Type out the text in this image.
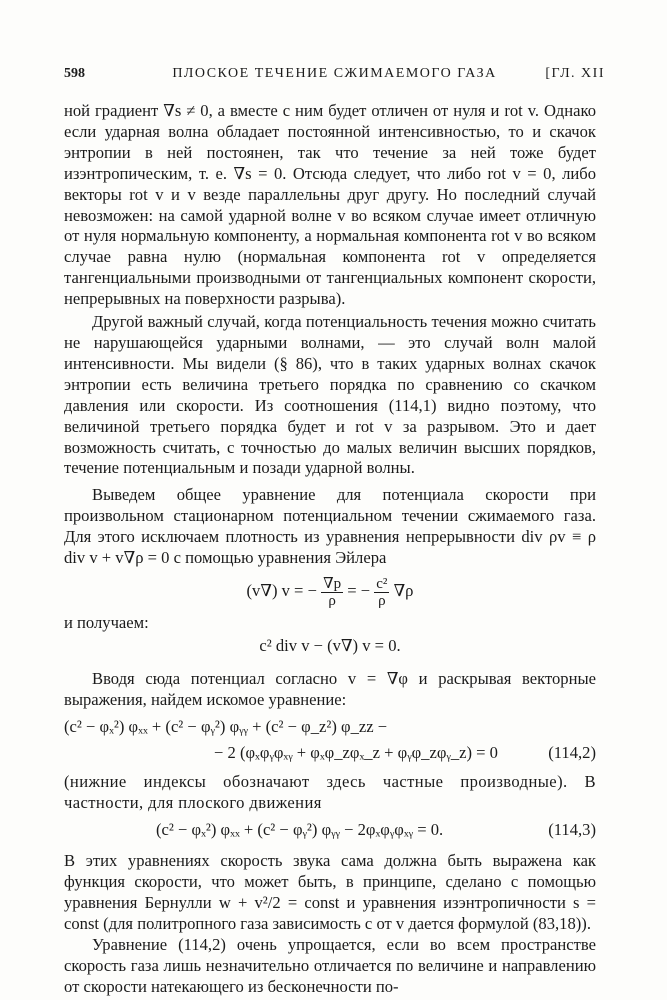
598	ПЛОСКОЕ ТЕЧЕНИЕ СЖИМАЕМОГО ГАЗА	[ГЛ. XII

ной градиент ∇s ≠ 0, а вместе с ним будет отличен от нуля и rot v. Однако если ударная волна обладает постоянной интенсивностью, то и скачок энтропии в ней постоянен, так что течение за ней тоже будет изэнтропическим, т. е. ∇s = 0. Отсюда следует, что либо rot v = 0, либо векторы rot v и v везде параллельны друг другу. Но последний случай невозможен: на самой ударной волне v во всяком случае имеет отличную от нуля нормальную компоненту, а нормальная компонента rot v во всяком случае равна нулю (нормальная компонента rot v определяется тангенциальными производными от тангенциальных компонент скорости, непрерывных на поверхности разрыва).

Другой важный случай, когда потенциальность течения можно считать не нарушающейся ударными волнами, — это случай волн малой интенсивности. Мы видели (§ 86), что в таких ударных волнах скачок энтропии есть величина третьего порядка по сравнению со скачком давления или скорости. Из соотношения (114,1) видно поэтому, что величиной третьего порядка будет и rot v за разрывом. Это и дает возможность считать, с точностью до малых величин высших порядков, течение потенциальным и позади ударной волны.

Выведем общее уравнение для потенциала скорости при произвольном стационарном потенциальном течении сжимаемого газа. Для этого исключаем плотность из уравнения непрерывности div ρv ≡ ρ div v + v∇ρ = 0 с помощью уравнения Эйлера

(v∇) v = − $\frac{\nabla p}{\rho}$ = − $\frac{\text{c²}}{\rho} \nabla\rho$

и получаем:

c² div v − (v∇) v = 0.

Вводя сюда потенциал согласно v = ∇φ и раскрывая векторные выражения, найдем искомое уравнение:

(c² − φₓ²) φₓₓ + (c² − φᵧ²) φᵧᵧ + (c² − φ_z²) φ_zz −
− 2 (φₓφᵧφₓᵧ + φₓφ_zφₓ_z + φᵧφ_zφᵧ_z) = 0	(114,2)

(нижние индексы обозначают здесь частные производные). В частности, для плоского движения

(c² − φₓ²) φₓₓ + (c² − φᵧ²) φᵧᵧ − 2φₓφᵧφₓᵧ = 0.	(114,3)

В этих уравнениях скорость звука сама должна быть выражена как функция скорости, что может быть, в принципе, сделано с помощью уравнения Бернулли w + v²/2 = const и уравнения изэнтропичности s = const (для политропного газа зависимость c от v дается формулой (83,18)).

Уравнение (114,2) очень упрощается, если во всем пространстве скорость газа лишь незначительно отличается по величине и направлению от скорости натекающего из бесконечности по-
